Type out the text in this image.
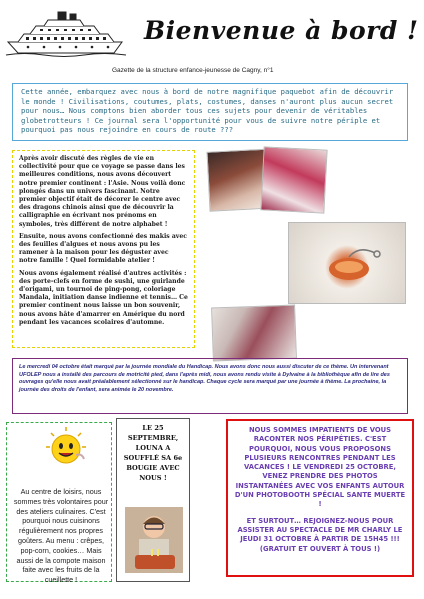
Bienvenue à bord !
Gazette de la structure enfance-jeunesse de Cagny, n°1
Cette année, embarquez avec nous à bord de notre magnifique paquebot afin de découvrir le monde ! Civilisations, coutumes, plats, costumes, danses n'auront plus aucun secret pour nous… Nous comptons bien aborder tous ces sujets pour devenir de véritables globetrotteurs ! Ce journal sera l'opportunité pour vous de suivre notre périple et pourquoi pas nous rejoindre en cours de route ???

Après avoir discuté des règles de vie en collectivité pour que ce voyage se passe dans les meilleures conditions, nous avons découvert notre premier continent : l'Asie. Nous voilà donc plongés dans un univers fascinant. Notre premier objectif était de décorer le centre avec des dragons chinois ainsi que de découvrir la calligraphie en écrivant nos prénoms en symboles, très différent de notre alphabet !

Ensuite, nous avons confectionné des makis avec des feuilles d'algues et nous avons pu les ramener à la maison pour les déguster avec notre famille ! Quel formidable atelier !

Nous avons également réalisé d'autres activités : des porte-clefs en forme de sushi, une guirlande d'origami, un tournoi de ping-pong, coloriage Mandala, initiation danse indienne et tennis… Ce premier continent nous laisse un bon souvenir, nous avons hâte d'amarrer en Amérique du nord pendant les vacances scolaires d'automne.

Le mercredi 04 octobre était marqué par la journée mondiale du Handicap. Nous avons donc nous aussi discuter de ce thème. Un intervenant UFOLEP nous a installé des parcours de motricité pied, dans l'après midi, nous avons rendu visite à Dylvaine à la bibliothèque afin de lire des ouvrages qu'elle nous avait préalablement sélectionné sur le handicap. Chaque cycle sera marqué par une journée à thème. La prochaine, la journée des droits de l'enfant, sera animée le 20 novembre.
Au centre de loisirs, nous sommes très volontaires pour des ateliers culinaires. C'est pourquoi nous cuisinons régulièrement nos propres goûters. Au menu : crêpes, pop-corn, cookies… Mais aussi de la compote maison faite avec les fruits de la cueillette !
LE 25 SEPTEMBRE, LOUNA A SOUFFLÉ SA 6e BOUGIE AVEC NOUS !

NOUS SOMMES IMPATIENTS DE VOUS RACONTER NOS PÉRIPÉTIES. C'EST POURQUOI, NOUS VOUS PROPOSONS PLUSIEURS RENCONTRES PENDANT LES VACANCES ! LE VENDREDI 25 OCTOBRE, VENEZ PRENDRE DES PHOTOS INSTANTANÉES AVEC VOS ENFANTS AUTOUR D'UN PHOTOBOOTH SPÉCIAL SANTE MUERTE !

ET SURTOUT… REJOIGNEZ-NOUS POUR ASSISTER AU SPECTACLE DE MR CHARLY LE JEUDI 31 OCTOBRE À PARTIR DE 15H45 !!! (GRATUIT ET OUVERT À TOUS !)
